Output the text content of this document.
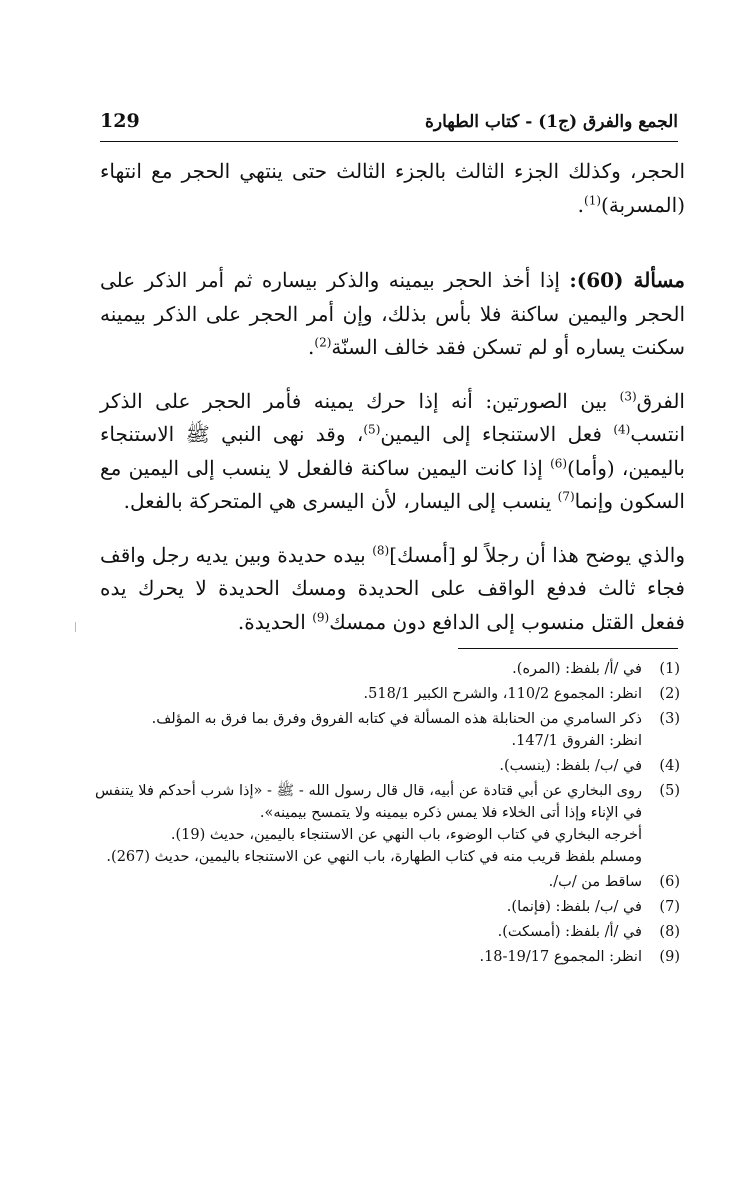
الجمع والفرق (ج1) - كتاب الطهارة
129

الحجر، وكذلك الجزء الثالث بالجزء الثالث حتى ينتهي الحجر مع انتهاء (المسربة)$^{(1)}$.

مسألة (60): إذا أخذ الحجر بيمينه والذكر بيساره ثم أمر الذكر على الحجر واليمين ساكنة فلا بأس بذلك، وإن أمر الحجر على الذكر بيمينه سكنت يساره أو لم تسكن فقد خالف السنّة$^{(2)}$.

الفرق$^{(3)}$ بين الصورتين: أنه إذا حرك يمينه فأمر الحجر على الذكر انتسب$^{(4)}$ فعل الاستنجاء إلى اليمين$^{(5)}$، وقد نهى النبي ﷺ الاستنجاء باليمين، (وأما)$^{(6)}$ إذا كانت اليمين ساكنة فالفعل لا ينسب إلى اليمين مع السكون وإنما$^{(7)}$ ينسب إلى اليسار، لأن اليسرى هي المتحركة بالفعل.

والذي يوضح هذا أن رجلاً لو [أمسك]$^{(8)}$ بيده حديدة وبين يديه رجل واقف فجاء ثالث فدفع الواقف على الحديدة ومسك الحديدة لا يحرك يده ففعل القتل منسوب إلى الدافع دون ممسك$^{(9)}$ الحديدة.

(1)
في /أ/ بلفظ: (المره).
(2)
انظر: المجموع 110/2، والشرح الكبير 518/1.
(3)
ذكر السامري من الحنابلة هذه المسألة في كتابه الفروق وفرق بما فرق به المؤلف.
انظر: الفروق 147/1.
(4)
في /ب/ بلفظ: (ينسب).
(5)
روى البخاري عن أبي قتادة عن أبيه، قال قال رسول الله - ﷺ - «إذا شرب أحدكم فلا يتنفس في الإناء وإذا أتى الخلاء فلا يمس ذكره بيمينه ولا يتمسح بيمينه».
أخرجه البخاري في كتاب الوضوء، باب النهي عن الاستنجاء باليمين، حديث (19).
ومسلم بلفظ قريب منه في كتاب الطهارة، باب النهي عن الاستنجاء باليمين، حديث (267).
(6)
ساقط من /ب/.
(7)
في /ب/ بلفظ: (فإنما).
(8)
في /أ/ بلفظ: (أمسكت).
(9)
انظر: المجموع 19/17-18.
